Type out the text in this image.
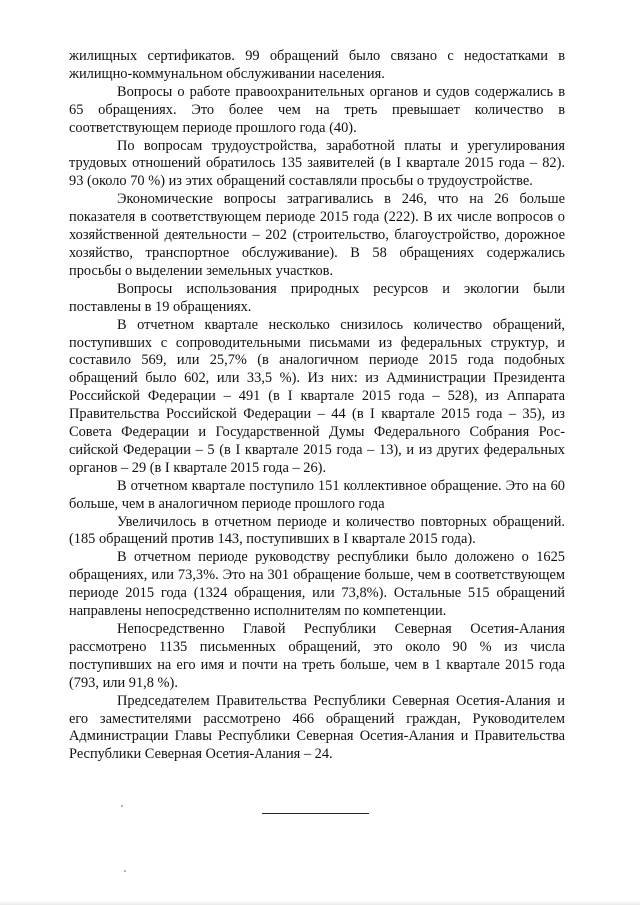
жилищных сертификатов. 99 обращений было связано с недостатками в жилищно-коммунальном обслуживании населения.

Вопросы о работе правоохранительных органов и судов содержались в 65 обращениях. Это более чем на треть превышает количество в соответствующем периоде прошлого года (40).

По вопросам трудоустройства, заработной платы и урегулирования трудовых отношений обратилось 135 заявителей (в I квартале 2015 года – 82). 93 (около 70 %) из этих обращений составляли просьбы о трудоустройстве.

Экономические вопросы затрагивались в 246, что на 26 больше показателя в соответствующем периоде 2015 года (222). В их числе вопросов о хозяйственной деятельности – 202 (строительство, благоустройство, дорожное хозяйство, транспортное обслуживание). В 58 обращениях содержались просьбы о выделении земельных участков.

Вопросы использования природных ресурсов и экологии были поставлены в 19 обращениях.

В отчетном квартале несколько снизилось количество обращений, поступивших с сопроводительными письмами из федеральных структур, и составило 569, или 25,7% (в аналогичном периоде 2015 года подобных обращений было 602, или 33,5 %). Из них: из Администрации Президента Российской Федерации – 491 (в I квартале 2015 года – 528), из Аппарата Правительства Российской Федерации – 44 (в I квартале 2015 года – 35), из Совета Федерации и Государственной Думы Федерального Собрания Российской Федерации – 5 (в I квартале 2015 года – 13), и из других федеральных органов – 29 (в I квартале 2015 года – 26).

В отчетном квартале поступило 151 коллективное обращение. Это на 60 больше, чем в аналогичном периоде прошлого года

Увеличилось в отчетном периоде и количество повторных обращений. (185 обращений против 143, поступивших в I квартале 2015 года).

В отчетном периоде руководству республики было доложено о 1625 обращениях, или 73,3%. Это на 301 обращение больше, чем в соответствующем периоде 2015 года (1324 обращения, или 73,8%). Остальные 515 обращений направлены непосредственно исполнителям по компетенции.

Непосредственно Главой Республики Северная Осетия-Алания рассмотрено 1135 письменных обращений, это около 90 % из числа поступивших на его имя и почти на треть больше, чем в 1 квартале 2015 года (793, или 91,8 %).

Председателем Правительства Республики Северная Осетия-Алания и его заместителями рассмотрено 466 обращений граждан, Руководителем Администрации Главы Республики Северная Осетия-Алания и Правительства Республики Северная Осетия-Алания – 24.
